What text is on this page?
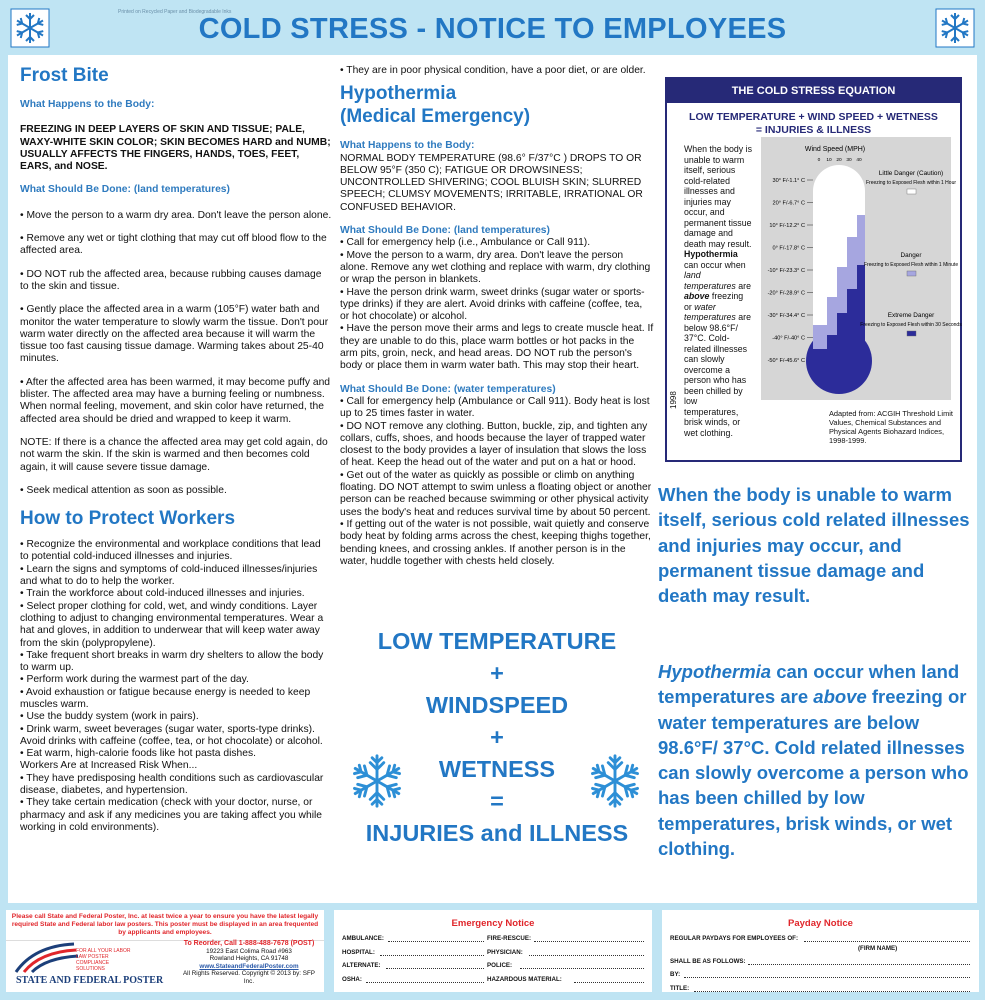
Printed on Recycled Paper and Biodegradable Inks
COLD STRESS - NOTICE TO EMPLOYEES
Frost Bite
What Happens to the Body:

FREEZING IN DEEP LAYERS OF SKIN AND TISSUE; PALE, WAXY-WHITE SKIN COLOR; SKIN BECOMES HARD and NUMB; USUALLY AFFECTS THE FINGERS, HANDS, TOES, FEET, EARS, and NOSE.

What Should Be Done: (land temperatures)

• Move the person to a warm dry area. Don't leave the person alone.

• Remove any wet or tight clothing that may cut off blood flow to the affected area.

• DO NOT rub the affected area, because rubbing causes damage to the skin and tissue.

• Gently place the affected area in a warm (105°F) water bath and monitor the water temperature to slowly warm the tissue. Don't pour warm water directly on the affected area because it will warm the tissue too fast causing tissue damage. Warming takes about 25-40 minutes.

• After the affected area has been warmed, it may become puffy and blister. The affected area may have a burning feeling or numbness. When normal feeling, movement, and skin color have returned, the affected area should be dried and wrapped to keep it warm.

NOTE: If there is a chance the affected area may get cold again, do not warm the skin. If the skin is warmed and then becomes cold again, it will cause severe tissue damage.

• Seek medical attention as soon as possible.

How to Protect Workers

• Recognize the environmental and workplace conditions that lead to potential cold-induced illnesses and injuries.

• Learn the signs and symptoms of cold-induced illnesses/injuries and what to do to help the worker.

• Train the workforce about cold-induced illnesses and injuries.

• Select proper clothing for cold, wet, and windy conditions. Layer clothing to adjust to changing environmental temperatures. Wear a hat and gloves, in addition to underwear that will keep water away from the skin (polypropylene).

• Take frequent short breaks in warm dry shelters to allow the body to warm up.

• Perform work during the warmest part of the day.

• Avoid exhaustion or fatigue because energy is needed to keep muscles warm.

• Use the buddy system (work in pairs).

• Drink warm, sweet beverages (sugar water, sports-type drinks). Avoid drinks with caffeine (coffee, tea, or hot chocolate) or alcohol.

• Eat warm, high-calorie foods like hot pasta dishes.

Workers Are at Increased Risk When...

• They have predisposing health conditions such as cardiovascular disease, diabetes, and hypertension.

• They take certain medication (check with your doctor, nurse, or pharmacy and ask if any medicines you are taking affect you while working in cold environments).

• They are in poor physical condition, have a poor diet, or are older.

Hypothermia
(Medical Emergency)
What Happens to the Body:

NORMAL BODY TEMPERATURE (98.6° F/37°C ) DROPS TO OR BELOW 95°F (350 C); FATIGUE OR DROWSINESS; UNCONTROLLED SHIVERING; COOL BLUISH SKIN; SLURRED SPEECH; CLUMSY MOVEMENTS; IRRITABLE, IRRATIONAL OR CONFUSED BEHAVIOR.

What Should Be Done: (land temperatures)

• Call for emergency help (i.e., Ambulance or Call 911).

• Move the person to a warm, dry area. Don't leave the person alone. Remove any wet clothing and replace with warm, dry clothing or wrap the person in blankets.

• Have the person drink warm, sweet drinks (sugar water or sports-type drinks) if they are alert. Avoid drinks with caffeine (coffee, tea, or hot chocolate) or alcohol.

• Have the person move their arms and legs to create muscle heat. If they are unable to do this, place warm bottles or hot packs in the arm pits, groin, neck, and head areas. DO NOT rub the person's body or place them in warm water bath. This may stop their heart.

What Should Be Done: (water temperatures)

• Call for emergency help (Ambulance or Call 911). Body heat is lost up to 25 times faster in water.

• DO NOT remove any clothing. Button, buckle, zip, and tighten any collars, cuffs, shoes, and hoods because the layer of trapped water closest to the body provides a layer of insulation that slows the loss of heat. Keep the head out of the water and put on a hat or hood.

• Get out of the water as quickly as possible or climb on anything floating. DO NOT attempt to swim unless a floating object or another person can be reached because swimming or other physical activity uses the body's heat and reduces survival time by about 50 percent.

• If getting out of the water is not possible, wait quietly and conserve body heat by folding arms across the chest, keeping thighs together, bending knees, and crossing ankles. If another person is in the water, huddle together with chests held closely.

THE COLD STRESS EQUATION
LOW TEMPERATURE + WIND SPEED + WETNESS
= INJURIES & ILLNESS
When the body is unable to warm itself, serious cold-related illnesses and injuries may occur, and permanent tissue damage and death may result.
Hypothermia can occur when land temperatures are above freezing or water temperatures are below 98.6°F/ 37°C. Cold-related illnesses can slowly overcome a person who has been chilled by low temperatures, brisk winds, or wet clothing.
1998
Wind Speed (MPH)
0 10 20 30 40
30° F/-1.1° C
20° F/-6.7° C
10° F/-12.2° C
0° F/-17.8° C
-10° F/-23.3° C
-20° F/-28.9° C
-30° F/-34.4° C
-40° F/-40° C
-50° F/-45.6° C
Little Danger (Caution)
Freezing to Exposed Flesh within 1 Hour
Danger
Freezing to Exposed Flesh within 1 Minute
Extreme Danger
Freezing to Exposed Flesh within 30 Seconds
Adapted from: ACGIH Threshold Limit Values, Chemical Substances and Physical Agents Biohazard Indices, 1998-1999.
When the body is unable to warm itself, serious cold related illnesses and injuries may occur, and permanent tissue damage and death may result.
Hypothermia can occur when land temperatures are above freezing or water temperatures are below 98.6°F/ 37°C. Cold related illnesses can slowly overcome a person who has been chilled by low temperatures, brisk winds, or wet clothing.
LOW TEMPERATURE
+
WINDSPEED
+
WETNESS
=
INJURIES and ILLNESS
Please call State and Federal Poster, Inc. at least twice a year to ensure you have the latest legally required State and Federal labor law posters. This poster must be displayed in an area frequented by applicants and employees.
FOR ALL YOUR LABOR LAW POSTER COMPLIANCE SOLUTIONS
STATE AND FEDERAL POSTER
To Reorder, Call 1-888-488-7678 (POST)
19223 East Colima Road #963
Rowland Heights, CA 91748
www.StateandFederalPoster.com
All Rights Reserved. Copyright © 2013 by: SFP Inc.
Emergency Notice
AMBULANCE:	FIRE-RESCUE:
HOSPITAL:	PHYSICIAN:
ALTERNATE:	POLICE:
OSHA:	HAZARDOUS MATERIAL:
Payday Notice
REGULAR PAYDAYS FOR EMPLOYEES OF:
(FIRM NAME)
SHALL BE AS FOLLOWS:
BY:
TITLE:
